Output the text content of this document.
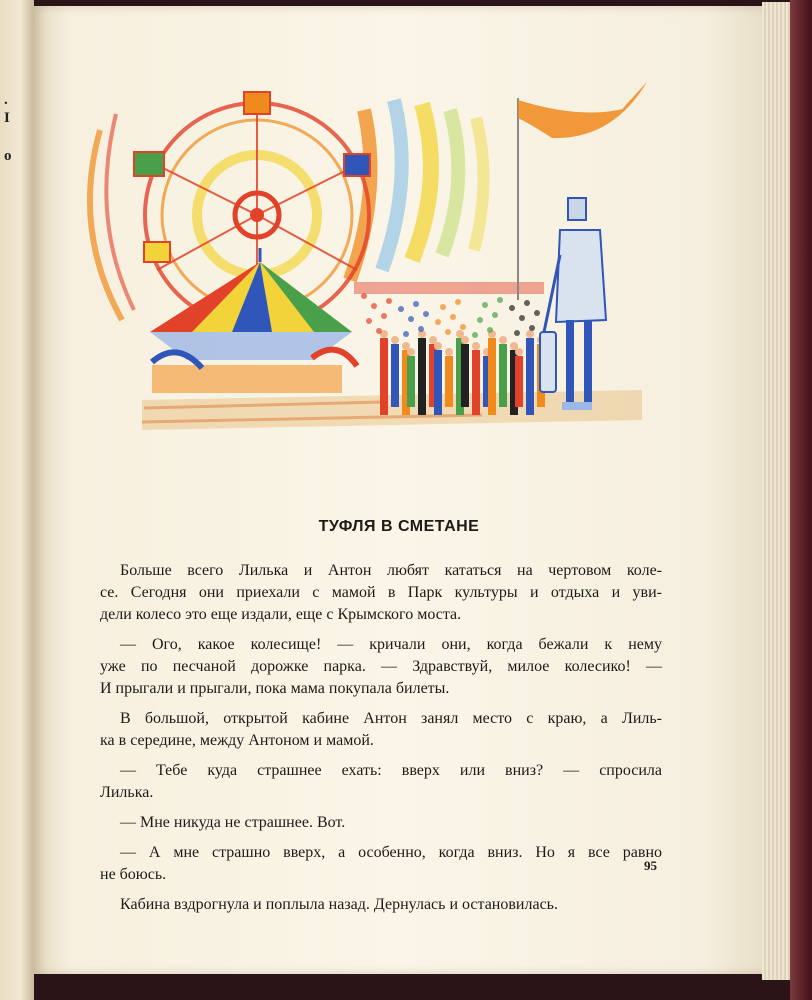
.
I
o
ТУФЛЯ В СМЕТАНЕ

Больше всего Лилька и Антон любят кататься на чертовом коле-

се. Сегодня они приехали с мамой в Парк культуры и отдыха и уви-

дели колесо это еще издали, еще с Крымского моста.

— Ого, какое колесище! — кричали они, когда бежали к нему

уже по песчаной дорожке парка. — Здравствуй, милое колесико! —

И прыгали и прыгали, пока мама покупала билеты.

В большой, открытой кабине Антон занял место с краю, а Лиль-

ка в середине, между Антоном и мамой.

— Тебе куда страшнее ехать: вверх или вниз? — спросила

Лилька.

— Мне никуда не страшнее. Вот.

— А мне страшно вверх, а особенно, когда вниз. Но я все равно

не боюсь.

Кабина вздрогнула и поплыла назад. Дернулась и остановилась.

95
